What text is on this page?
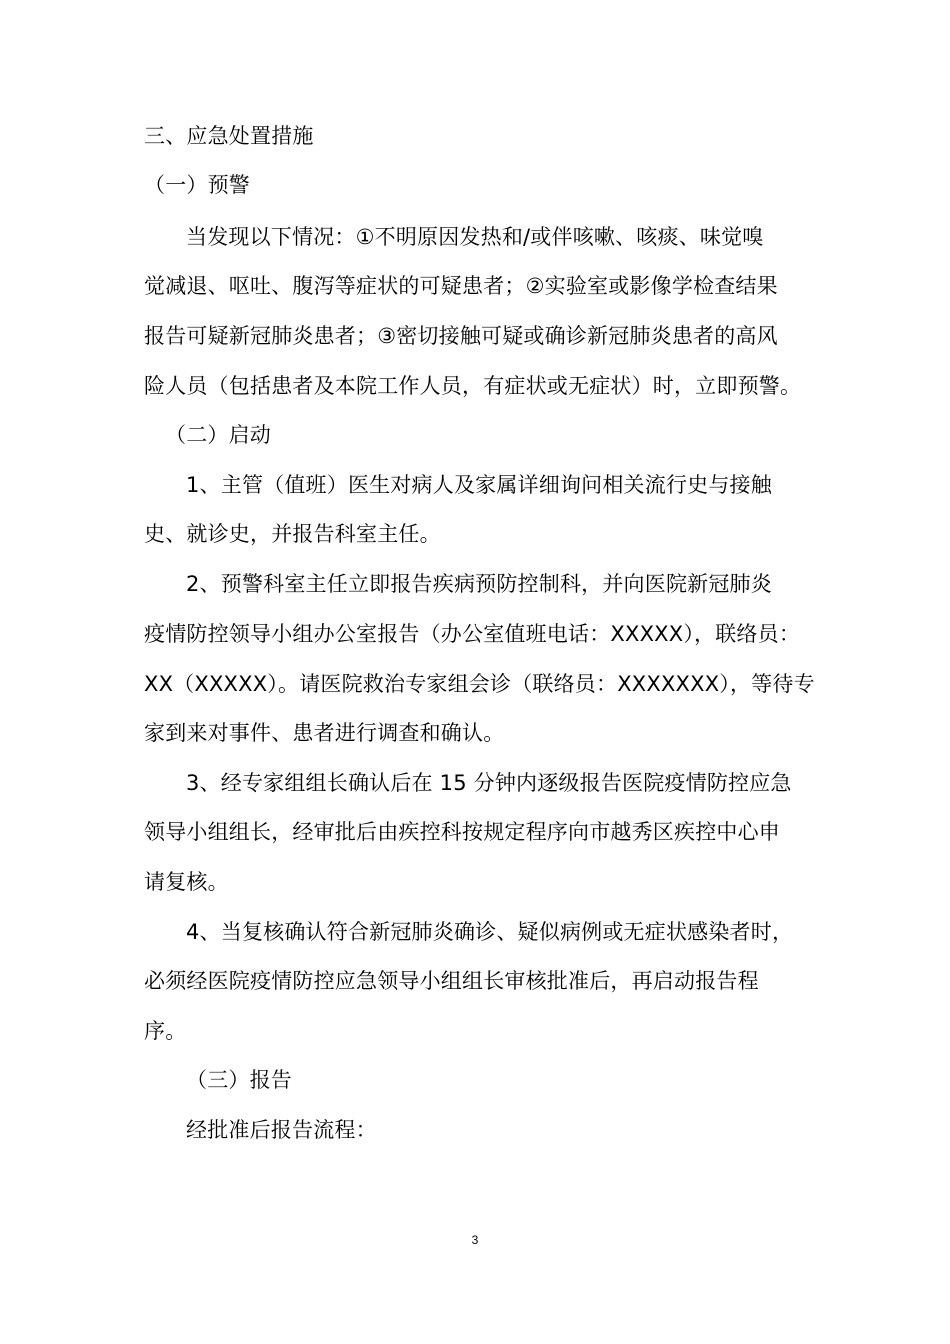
三、应急处置措施
（一）预警
当发现以下情况：①不明原因发热和/或伴咳嗽、咳痰、味觉嗅
觉减退、呕吐、腹泻等症状的可疑患者；②实验室或影像学检查结果
报告可疑新冠肺炎患者；③密切接触可疑或确诊新冠肺炎患者的高风
险人员（包括患者及本院工作人员，有症状或无症状）时，立即预警。
（二）启动
1、主管（值班）医生对病人及家属详细询问相关流行史与接触
史、就诊史，并报告科室主任。
2、预警科室主任立即报告疾病预防控制科，并向医院新冠肺炎
疫情防控领导小组办公室报告（办公室值班电话：XXXXX），联络员：
XX（XXXXX）。请医院救治专家组会诊（联络员：XXXXXXX），等待专
家到来对事件、患者进行调查和确认。
3、经专家组组长确认后在 15 分钟内逐级报告医院疫情防控应急
领导小组组长，经审批后由疾控科按规定程序向市越秀区疾控中心申
请复核。
4、当复核确认符合新冠肺炎确诊、疑似病例或无症状感染者时，
必须经医院疫情防控应急领导小组组长审核批准后，再启动报告程
序。
（三）报告
经批准后报告流程：
3
